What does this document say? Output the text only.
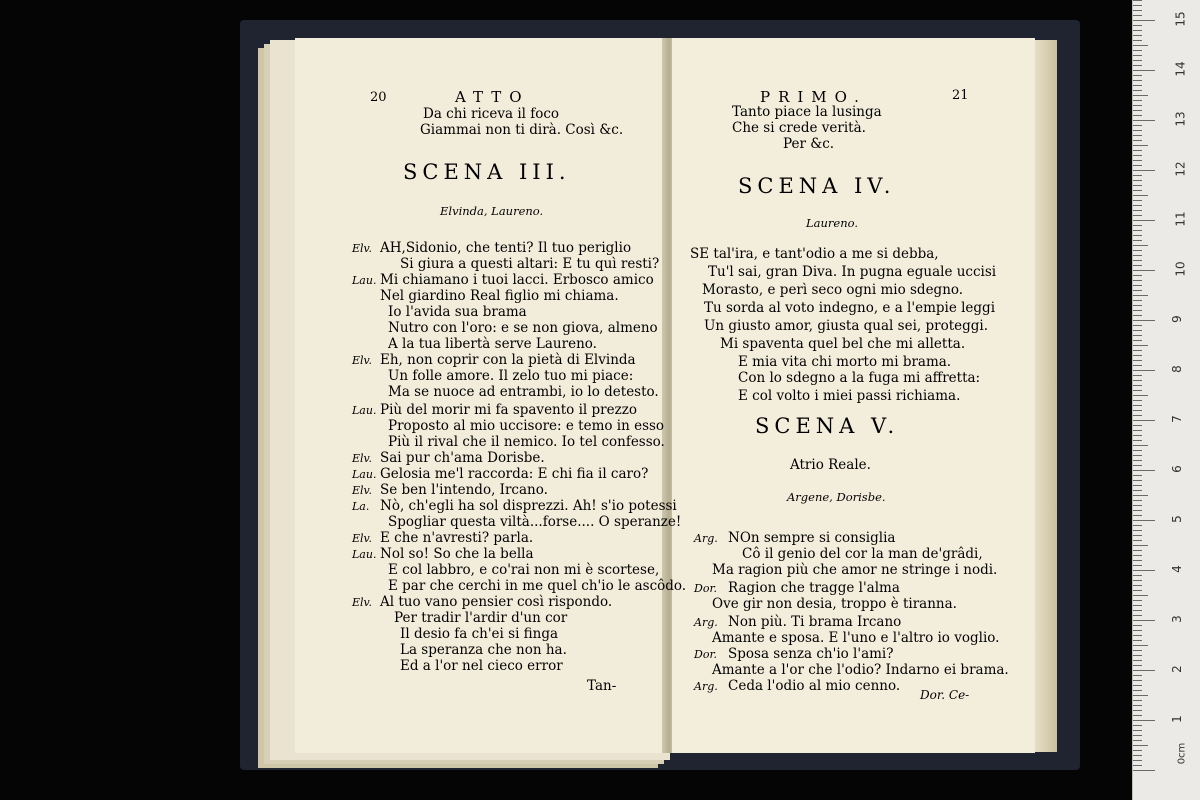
20	ATTO
Da chi riceva il foco
Giammai non ti dirà. Così &c.
SCENA III.
Elvinda, Laureno.
Tan-
PRIMO.	21
Tanto piace la lusinga
Che si crede verità.
Per &c.
SCENA IV.
Laureno.
SCENA V.
Atrio Reale.
Argene, Dorisbe.
Dor. Ce-
0cm
1
2
3
4
5
6
7
8
9
10
11
12
13
14
15
Elv. AH,Sidonio, che tenti? Il tuo periglio
Si giura a questi altari: E tu quì resti?
Lau. Mi chiamano i tuoi lacci. Erbosco amico
Nel giardino Real figlio mi chiama.
Io l'avida sua brama
Nutro con l'oro: e se non giova, almeno
A la tua libertà serve Laureno.
Elv. Eh, non coprir con la pietà di Elvinda
Un folle amore. Il zelo tuo mi piace:
Ma se nuoce ad entrambi, io lo detesto.
Lau. Più del morir mi fa spavento il prezzo
Proposto al mio uccisore: e temo in esso
Più il rival che il nemico. Io tel confesso.
Elv. Sai pur ch'ama Dorisbe.
Lau. Gelosia me'l raccorda: E chi fia il caro?
Elv. Se ben l'intendo, Ircano.
La. Nò, ch'egli ha sol disprezzi. Ah! s'io potessi
Spogliar questa viltà...forse.... O speranze!
Elv. E che n'avresti? parla.
Lau. Nol so! So che la bella
E col labbro, e co'rai non mi è scortese,
E par che cerchi in me quel ch'io le ascôdo.
Elv. Al tuo vano pensier così rispondo.
Per tradir l'ardir d'un cor
Il desio fa ch'ei si finga
La speranza che non ha.
Ed a l'or nel cieco error
SE tal'ira, e tant'odio a me si debba,
Tu'l sai, gran Diva. In pugna eguale uccisi
Morasto, e perì seco ogni mio sdegno.
Tu sorda al voto indegno, e a l'empie leggi
Un giusto amor, giusta qual sei, proteggi.
Mi spaventa quel bel che mi alletta.
E mia vita chi morto mi brama.
Con lo sdegno a la fuga mi affretta:
E col volto i miei passi richiama.
Arg. NOn sempre si consiglia
Cô il genio del cor la man de'grâdi,
Ma ragion più che amor ne stringe i nodi.
Dor. Ragion che tragge l'alma
Ove gir non desia, troppo è tiranna.
Arg. Non più. Ti brama Ircano
Amante e sposa. E l'uno e l'altro io voglio.
Dor. Sposa senza ch'io l'ami?
Amante a l'or che l'odio? Indarno ei brama.
Arg. Ceda l'odio al mio cenno.
